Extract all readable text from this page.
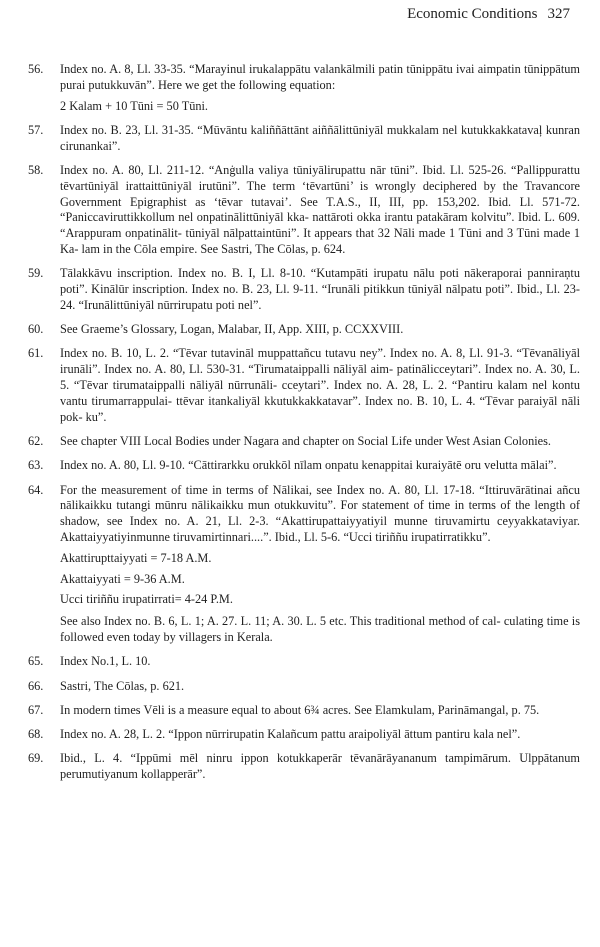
Economic Conditions 327
56. Index no. A. 8, Ll. 33-35. “Marayinul irukalappātu valankālmili patin tūnippātu ivai aimpatin tūnippātum purai putukkuvān”. Here we get the following equation:
2 Kalam + 10 Tūni = 50 Tūni.
57. Index no. B. 23, Ll. 31-35. “Mūvāntu kaliññāttānt aiññālittūniyāl mukkalam nel kutukkakkatavaļ kunran cirunankai”.
58. Index no. A. 80, Ll. 211-12. “Anġulla valiya tūniyālirupattu nār tūni”. Ibid. Ll. 525-26. “Pallippurattu tēvartūniyāl irattaittūniyāl irutūni”. The term ‘tēvartūni’ is wrongly deciphered by the Travancore Government Epigraphist as ‘tēvar tutavai’. See T.A.S., II, III, pp. 153,202. Ibid. Ll. 571-72. “Paniccaviruttikkollum nel onpatinālittūniyāl kka- nattāroti okka irantu patakāram kolvitu”. Ibid. L. 609. “Arappuram onpatinālit- tūniyāl nālpattaintūni”. It appears that 32 Nāli made 1 Tūni and 3 Tūni made 1 Ka- lam in the Cōla empire. See Sastri, The Cōlas, p. 624.
59. Tālakkāvu inscription. Index no. B. I, Ll. 8-10. “Kutampāti irupatu nālu poti nākeraporai panniraņtu poti”. Kinālūr inscription. Index no. B. 23, Ll. 9-11. “Irunāli pitikkun tūniyāl nālpatu poti”. Ibid., Ll. 23-24. “Irunālittūniyāl nūrrirupatu poti nel”.
60. See Graeme’s Glossary, Logan, Malabar, II, App. XIII, p. CCXXVIII.
61. Index no. B. 10, L. 2. “Tēvar tutavināl muppattañcu tutavu ney”. Index no. A. 8, Ll. 91-3. “Tēvanāliyāl irunāli”. Index no. A. 80, Ll. 530-31. “Tirumataippalli nāliyāl aim- patinālicceytari”. Index no. A. 30, L. 5. “Tēvar tirumataippalli nāliyāl nūrrunāli- cceytari”. Index no. A. 28, L. 2. “Pantiru kalam nel kontu vantu tirumarrappulai- ttēvar itankaliyāl kkutukkakkatavar”. Index no. B. 10, L. 4. “Tēvar paraiyāl nāli pok- ku”.
62. See chapter VIII Local Bodies under Nagara and chapter on Social Life under West Asian Colonies.
63. Index no. A. 80, Ll. 9-10. “Cāttirarkku orukkōl nīlam onpatu kenappitai kuraiyātē oru velutta mālai”.
64. For the measurement of time in terms of Nālikai, see Index no. A. 80, Ll. 17-18. “Ittiruvārātinai añcu nālikaikku tutangi mūnru nālikaikku mun otukkuvitu”. For statement of time in terms of the length of shadow, see Index no. A. 21, Ll. 2-3. “Akattirupattaiyyatiyil munne tiruvamirtu ceyyakkataviyar. Akattaiyyatiyinmunne tiruvamirtinnari....”. Ibid., Ll. 5-6. “Ucci tiriññu irupatirratikku”.
Akattirupttaiyyati = 7-18 A.M.
Akattaiyyati = 9-36 A.M.
Ucci tiriññu irupatirrati= 4-24 P.M.
See also Index no. B. 6, L. 1; A. 27. L. 11; A. 30. L. 5 etc. This traditional method of cal- culating time is followed even today by villagers in Kerala.
65. Index No.1, L. 10.
66. Sastri, The Cōlas, p. 621.
67. In modern times Vēli is a measure equal to about 6¾ acres. See Elamkulam, Parināmangal, p. 75.
68. Index no. A. 28, L. 2. “Ippon nūrrirupatin Kalañcum pattu araipoliyāl āttum pantiru kala nel”.
69. Ibid., L. 4. “Ippūmi mēl ninru ippon kotukkaperār tēvanārāyananum tampimārum. Ulppātanum perumutiyanum kollapperār”.
